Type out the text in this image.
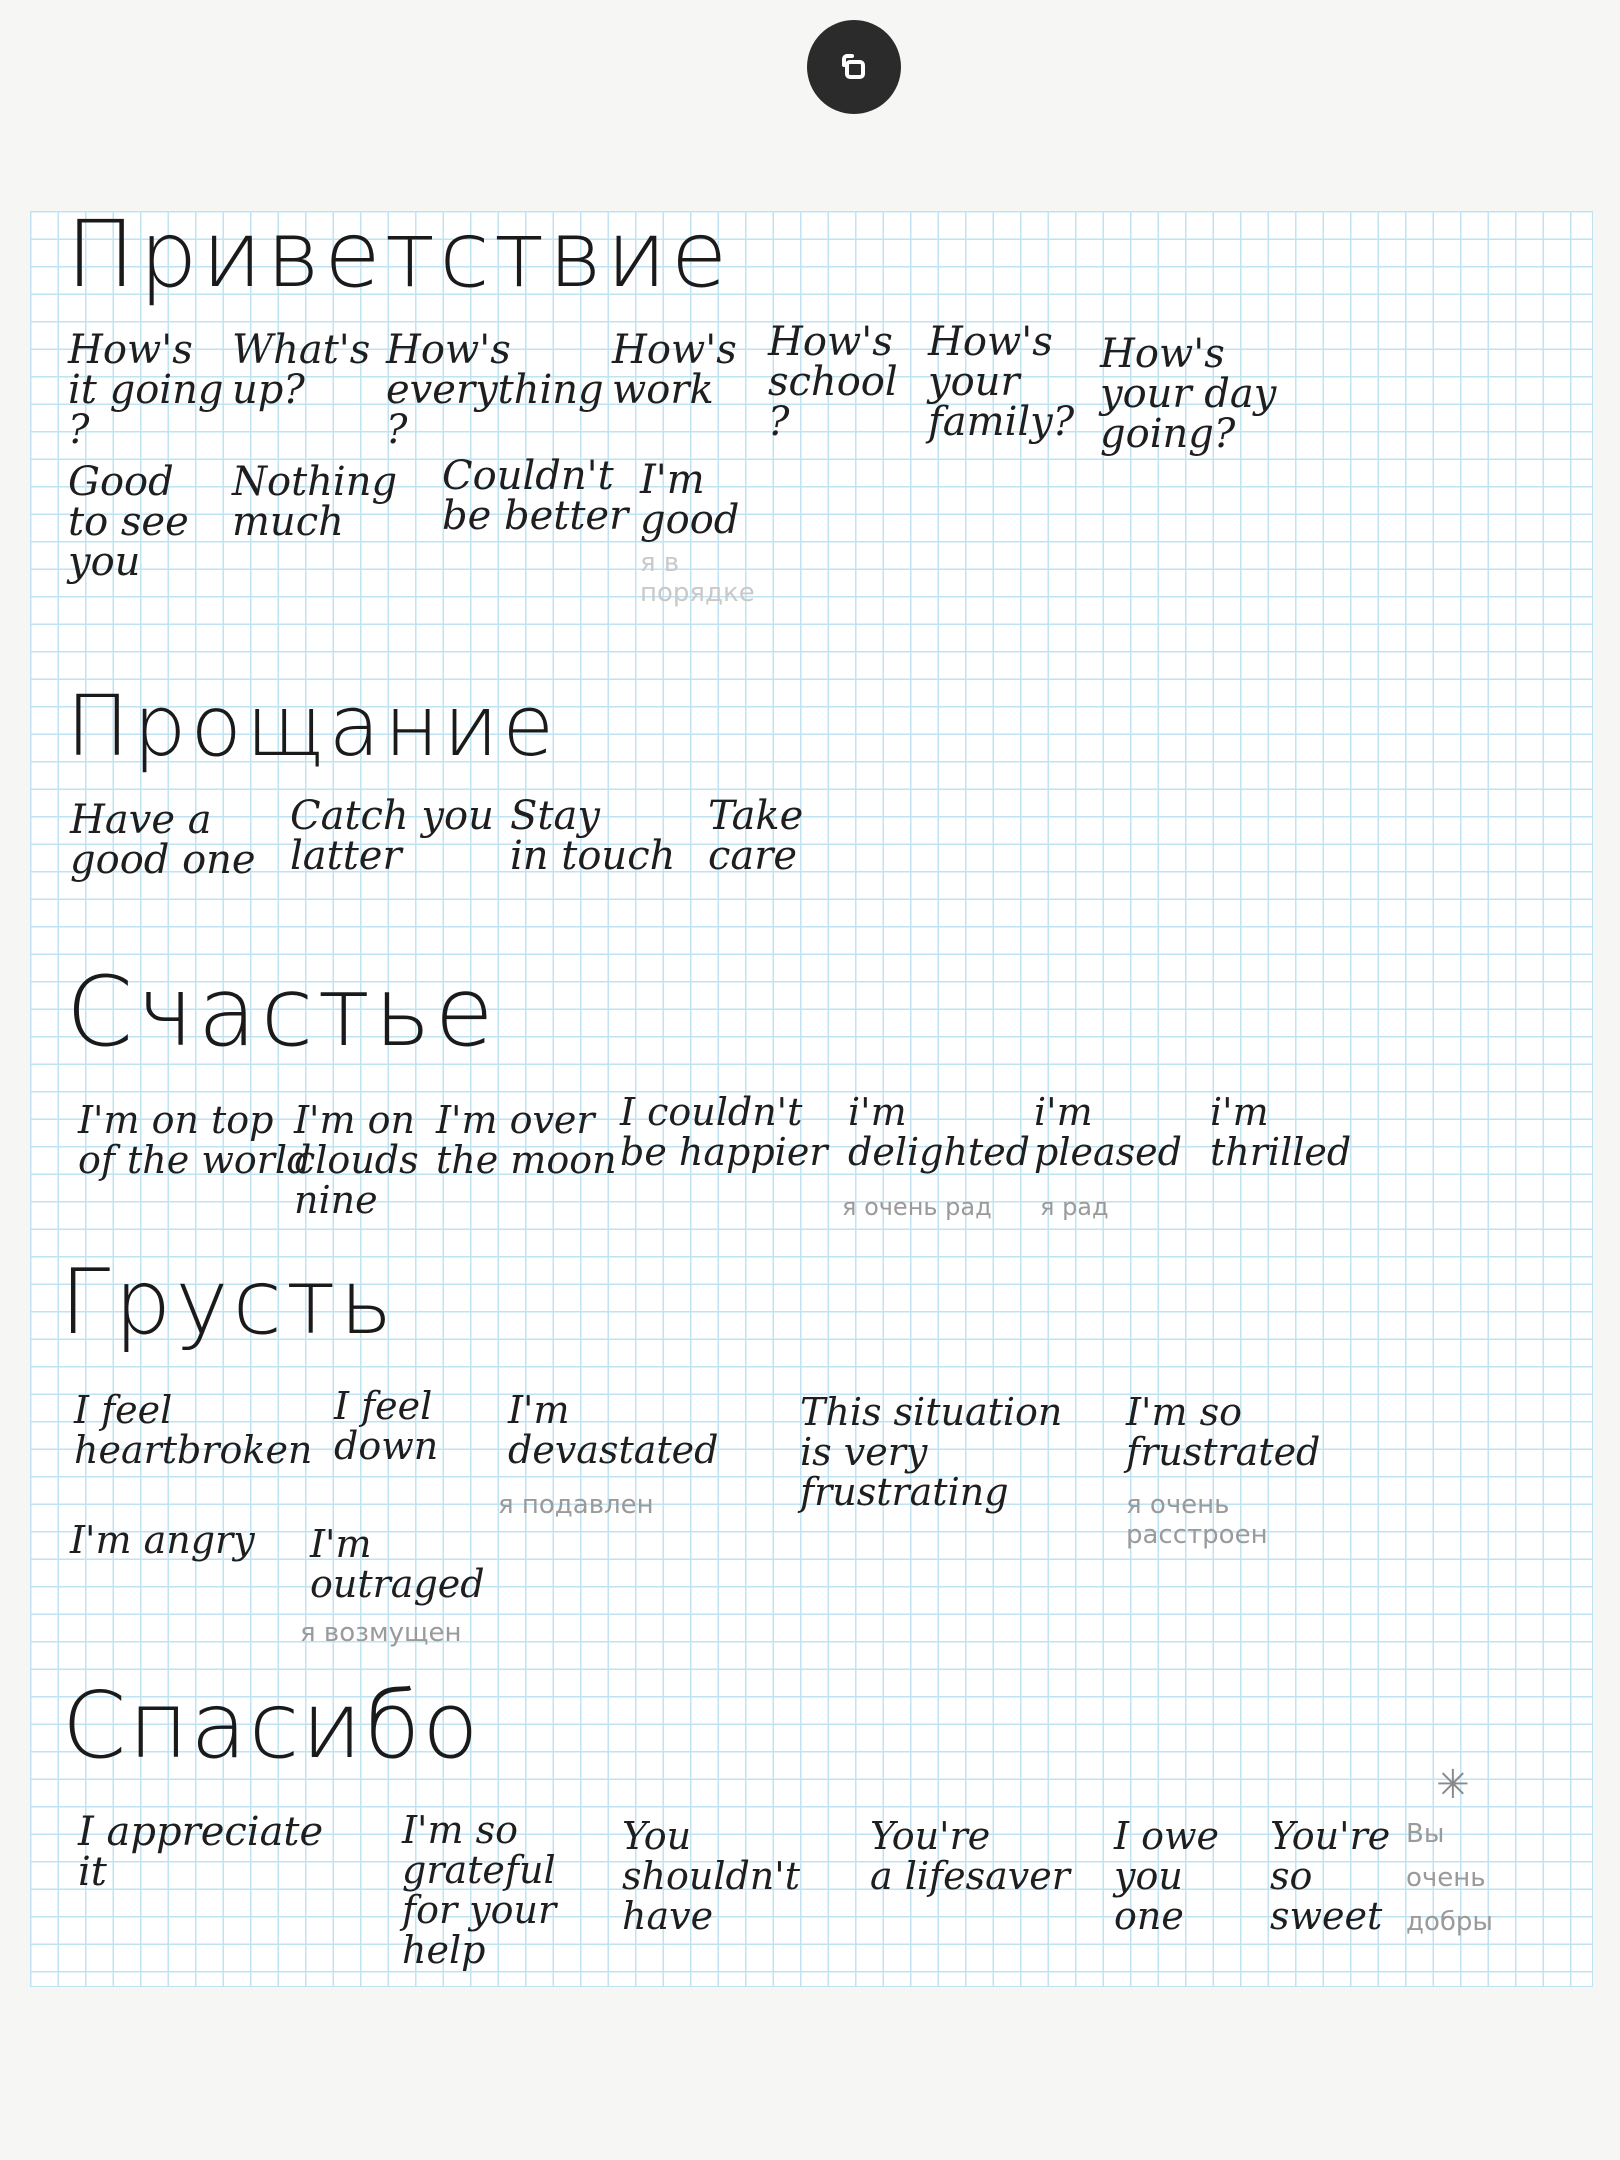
Приветствие

How's
it going
?

What's
up?

How's
everything
?

How's
work

How's
school
?

How's
your
family?

How's
your day
going?

Good
to see
you

Nothing
much

Couldn't
be better

I'm
good

я в
порядке

Прощание

Have a
good one

Catch you
latter

Stay
in touch

Take
care

Счастье

I'm on top
of the world

I'm on
clouds
nine

I'm over
the moon

I couldn't
be happier

i'm
delighted

i'm
pleased

i'm
thrilled

я очень рад я рад

Грусть

I feel
heartbroken

I feel
down

I'm
devastated

This situation
is very
frustrating

I'm so
frustrated

I'm angry I'm
outraged

я подавлен	я очень
расстроен

я возмущен

Спасибо

I appreciate
it

I'm so
grateful
for your
help

You
shouldn't
have

You're
a lifesaver

I owe
you
one

You're
so
sweet

✳

Вы
очень
добры
